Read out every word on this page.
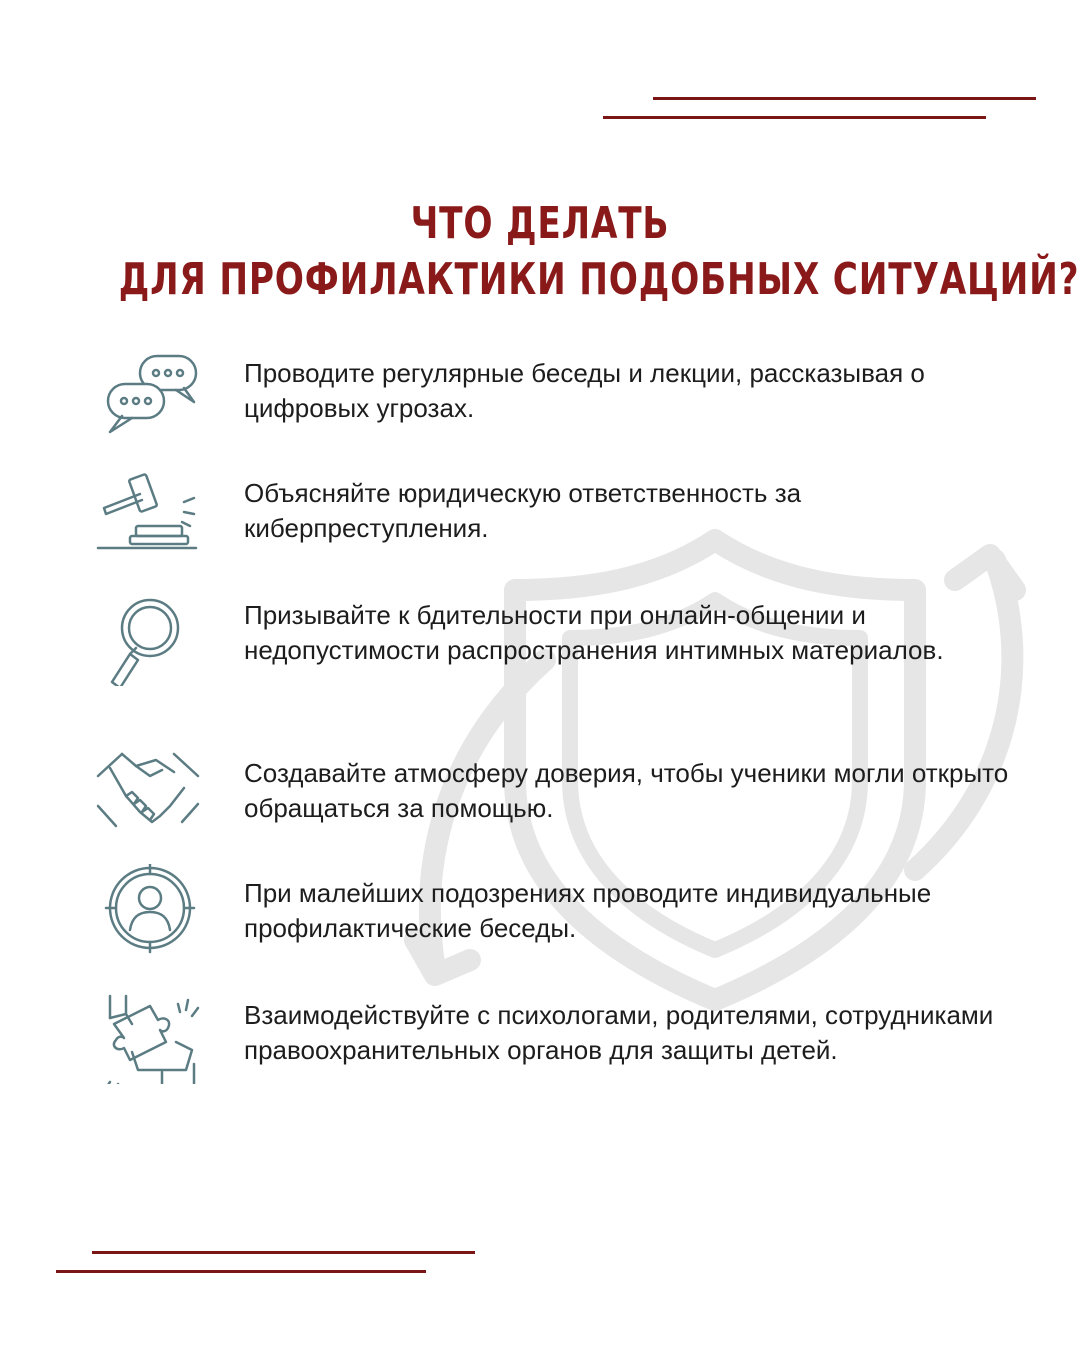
ЧТО ДЕЛАТЬ
ДЛЯ ПРОФИЛАКТИКИ ПОДОБНЫХ СИТУАЦИЙ?
Проводите регулярные беседы и лекции, рассказывая о цифровых угрозах.
Объясняйте юридическую ответственность за киберпреступления.
Призывайте к бдительности при онлайн-общении и недопустимости распространения интимных материалов.
Создавайте атмосферу доверия, чтобы ученики могли открыто обращаться за помощью.
При малейших подозрениях проводите индивидуальные профилактические беседы.
Взаимодействуйте с психологами, родителями, сотрудниками правоохранительных органов для защиты детей.
